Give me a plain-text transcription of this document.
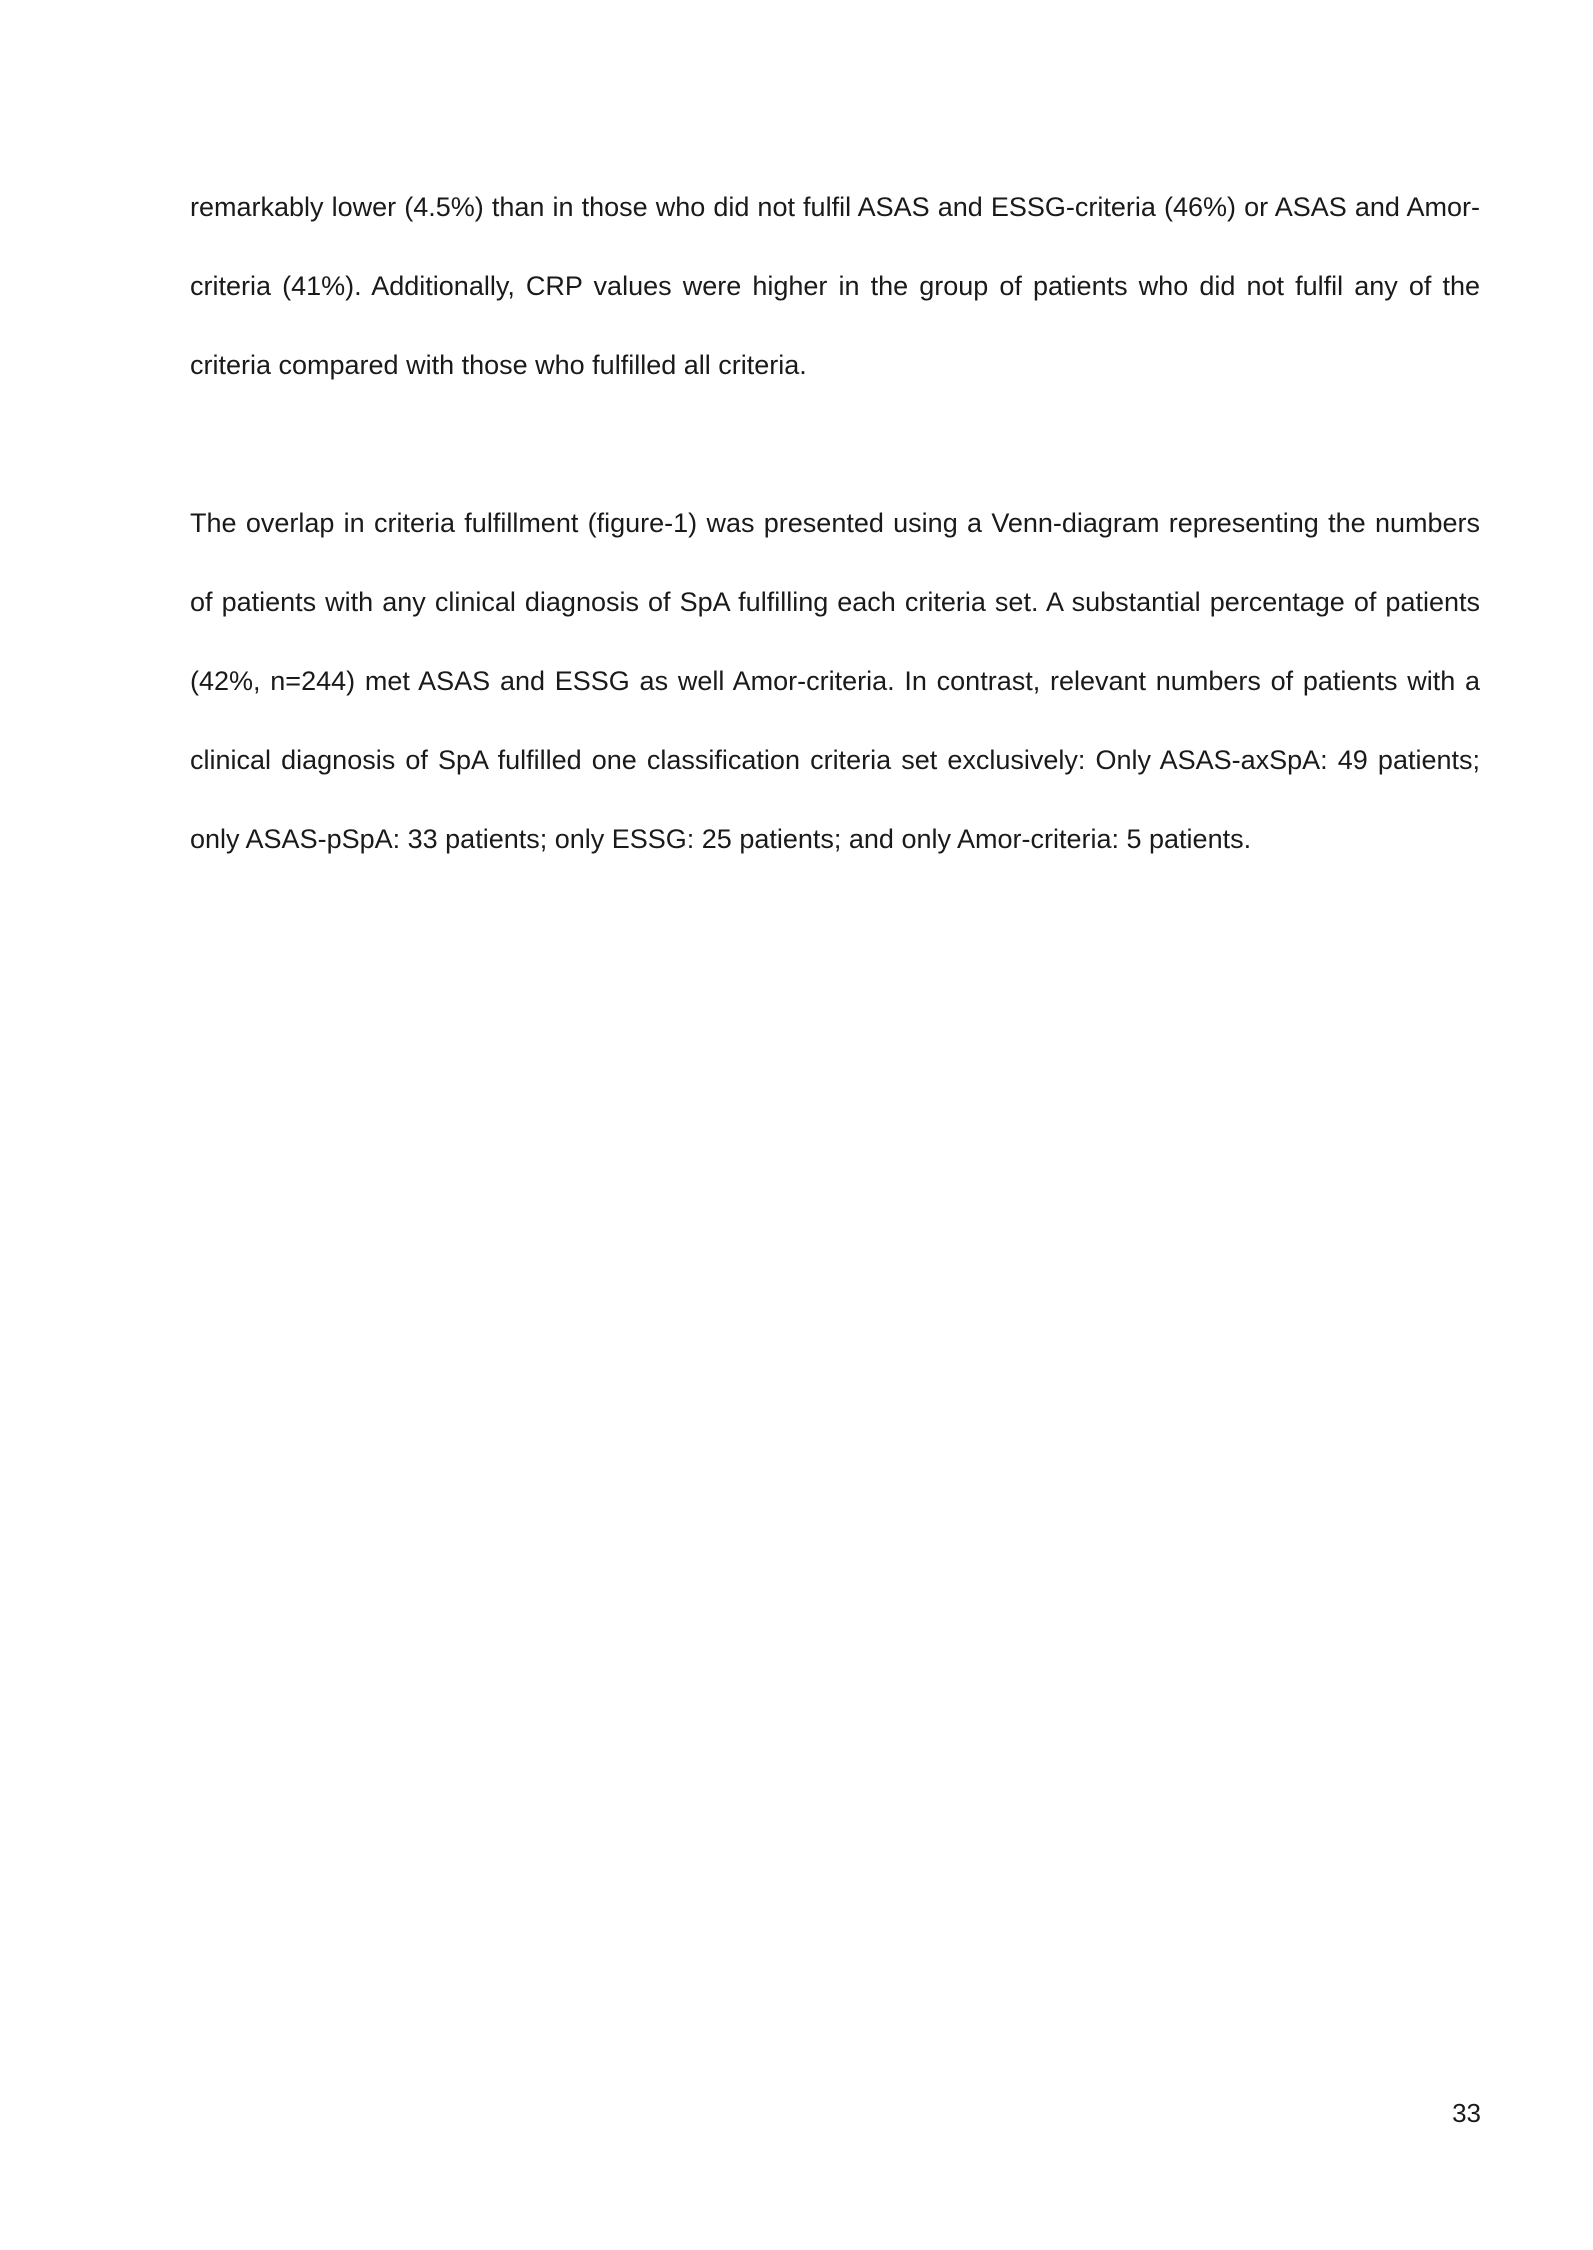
remarkably lower (4.5%) than in those who did not fulfil ASAS and ESSG-criteria (46%) or ASAS and Amor-criteria (41%). Additionally, CRP values were higher in the group of patients who did not fulfil any of the criteria compared with those who fulfilled all criteria.

The overlap in criteria fulfillment (figure-1) was presented using a Venn-diagram representing the numbers of patients with any clinical diagnosis of SpA fulfilling each criteria set. A substantial percentage of patients (42%, n=244) met ASAS and ESSG as well Amor-criteria. In contrast, relevant numbers of patients with a clinical diagnosis of SpA fulfilled one classification criteria set exclusively: Only ASAS-axSpA: 49 patients; only ASAS-pSpA: 33 patients; only ESSG: 25 patients; and only Amor-criteria: 5 patients.

33
